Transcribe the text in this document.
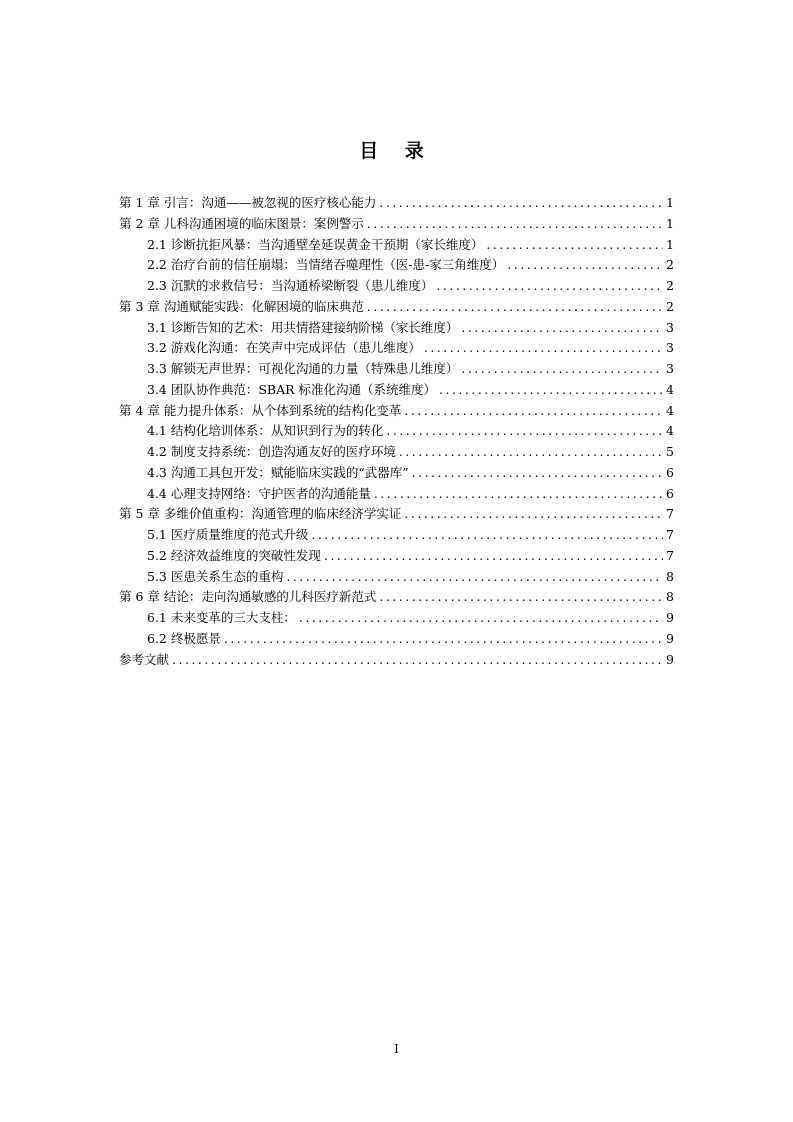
目 录
第 1 章 引言：沟通——被忽视的医疗核心能力 .....	1
第 2 章 儿科沟通困境的临床图景：案例警示 .....	1
2.1 诊断抗拒风暴：当沟通壁垒延误黄金干预期（家长维度） .....	1
2.2 治疗台前的信任崩塌：当情绪吞噬理性（医-患-家三角维度） .....	2
2.3 沉默的求救信号：当沟通桥梁断裂（患儿维度） .....	2
第 3 章 沟通赋能实践：化解困境的临床典范 .....	2
3.1 诊断告知的艺术：用共情搭建接纳阶梯（家长维度） .....	3
3.2 游戏化沟通：在笑声中完成评估（患儿维度） .....	3
3.3 解锁无声世界：可视化沟通的力量（特殊患儿维度） .....	3
3.4 团队协作典范：SBAR 标准化沟通（系统维度） .....	4
第 4 章 能力提升体系：从个体到系统的结构化变革 .....	4
4.1 结构化培训体系：从知识到行为的转化 .....	4
4.2 制度支持系统：创造沟通友好的医疗环境 .....	5
4.3 沟通工具包开发：赋能临床实践的“武器库” .....	6
4.4 心理支持网络：守护医者的沟通能量 .....	6
第 5 章 多维价值重构：沟通管理的临床经济学实证 .....	7
5.1 医疗质量维度的范式升级 .....	7
5.2 经济效益维度的突破性发现 .....	7
5.3 医患关系生态的重构 .....	8
第 6 章 结论：走向沟通敏感的儿科医疗新范式 .....	8
6.1 未来变革的三大支柱： .....	9
6.2 终极愿景 .....	9
参考文献 .....	9
I
